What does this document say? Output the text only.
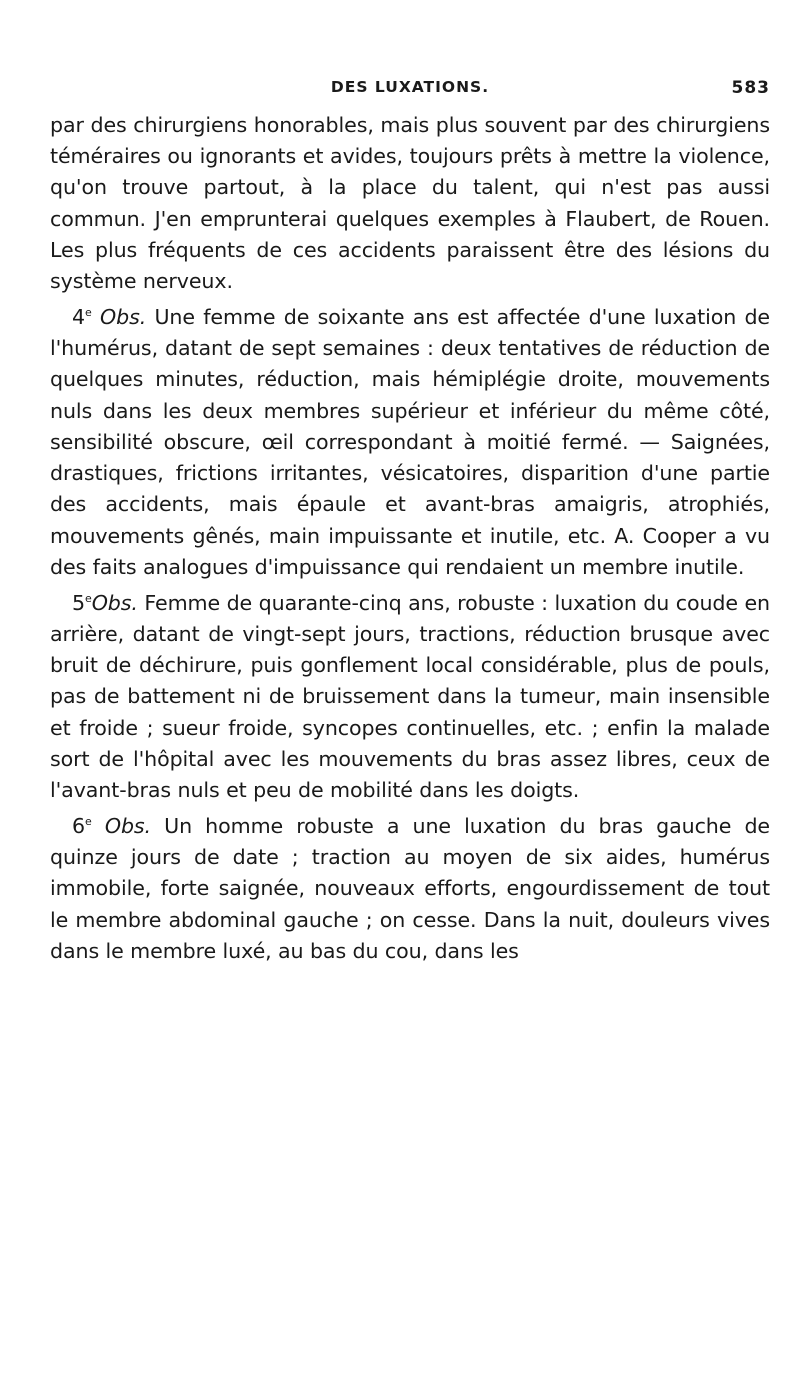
DES LUXATIONS.	583

par des chirurgiens honorables, mais plus souvent par des chirurgiens téméraires ou ignorants et avides, toujours prêts à mettre la violence, qu'on trouve partout, à la place du talent, qui n'est pas aussi commun. J'en emprunterai quelques exemples à Flaubert, de Rouen. Les plus fréquents de ces accidents paraissent être des lésions du système nerveux.

4e Obs. Une femme de soixante ans est affectée d'une luxation de l'humérus, datant de sept semaines : deux tentatives de réduction de quelques minutes, réduction, mais hémiplégie droite, mouvements nuls dans les deux membres supérieur et inférieur du même côté, sensibilité obscure, œil correspondant à moitié fermé. — Saignées, drastiques, frictions irritantes, vésicatoires, disparition d'une partie des accidents, mais épaule et avant-bras amaigris, atrophiés, mouvements gênés, main impuissante et inutile, etc. A. Cooper a vu des faits analogues d'impuissance qui rendaient un membre inutile.

5eObs. Femme de quarante-cinq ans, robuste : luxation du coude en arrière, datant de vingt-sept jours, tractions, réduction brusque avec bruit de déchirure, puis gonflement local considérable, plus de pouls, pas de battement ni de bruissement dans la tumeur, main insensible et froide ; sueur froide, syncopes continuelles, etc. ; enfin la malade sort de l'hôpital avec les mouvements du bras assez libres, ceux de l'avant-bras nuls et peu de mobilité dans les doigts.

6e Obs. Un homme robuste a une luxation du bras gauche de quinze jours de date ; traction au moyen de six aides, humérus immobile, forte saignée, nouveaux efforts, engourdissement de tout le membre abdominal gauche ; on cesse. Dans la nuit, douleurs vives dans le membre luxé, au bas du cou, dans les
